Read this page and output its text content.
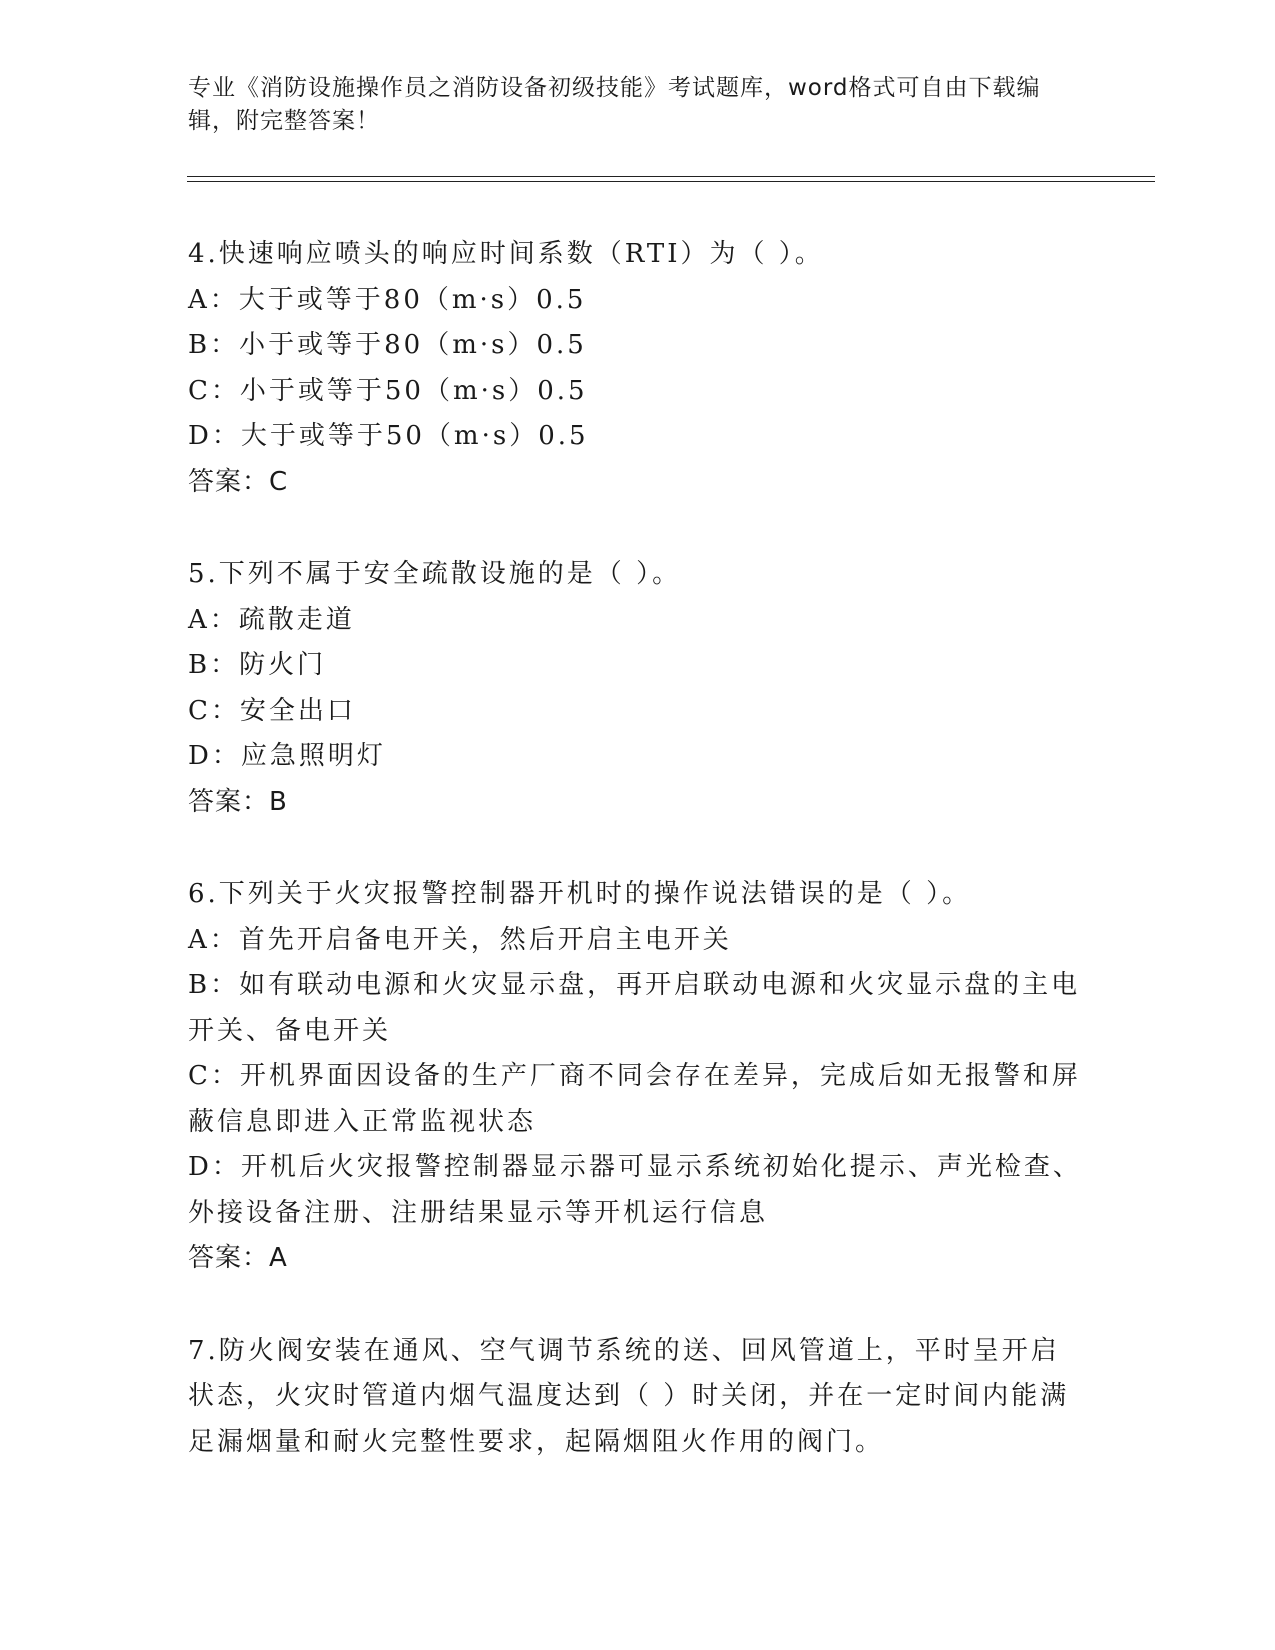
专业《消防设施操作员之消防设备初级技能》考试题库，word格式可自由下载编辑，附完整答案！
4.快速响应喷头的响应时间系数（RTI）为（ ）。
A：大于或等于80（m·s）0.5
B：小于或等于80（m·s）0.5
C：小于或等于50（m·s）0.5
D：大于或等于50（m·s）0.5
答案：C
5.下列不属于安全疏散设施的是（ ）。
A：疏散走道
B：防火门
C：安全出口
D：应急照明灯
答案：B
6.下列关于火灾报警控制器开机时的操作说法错误的是（ ）。
A：首先开启备电开关，然后开启主电开关
B：如有联动电源和火灾显示盘，再开启联动电源和火灾显示盘的主电开关、备电开关
C：开机界面因设备的生产厂商不同会存在差异，完成后如无报警和屏蔽信息即进入正常监视状态
D：开机后火灾报警控制器显示器可显示系统初始化提示、声光检查、外接设备注册、注册结果显示等开机运行信息
答案：A
7.防火阀安装在通风、空气调节系统的送、回风管道上，平时呈开启状态，火灾时管道内烟气温度达到（ ）时关闭，并在一定时间内能满足漏烟量和耐火完整性要求，起隔烟阻火作用的阀门。
